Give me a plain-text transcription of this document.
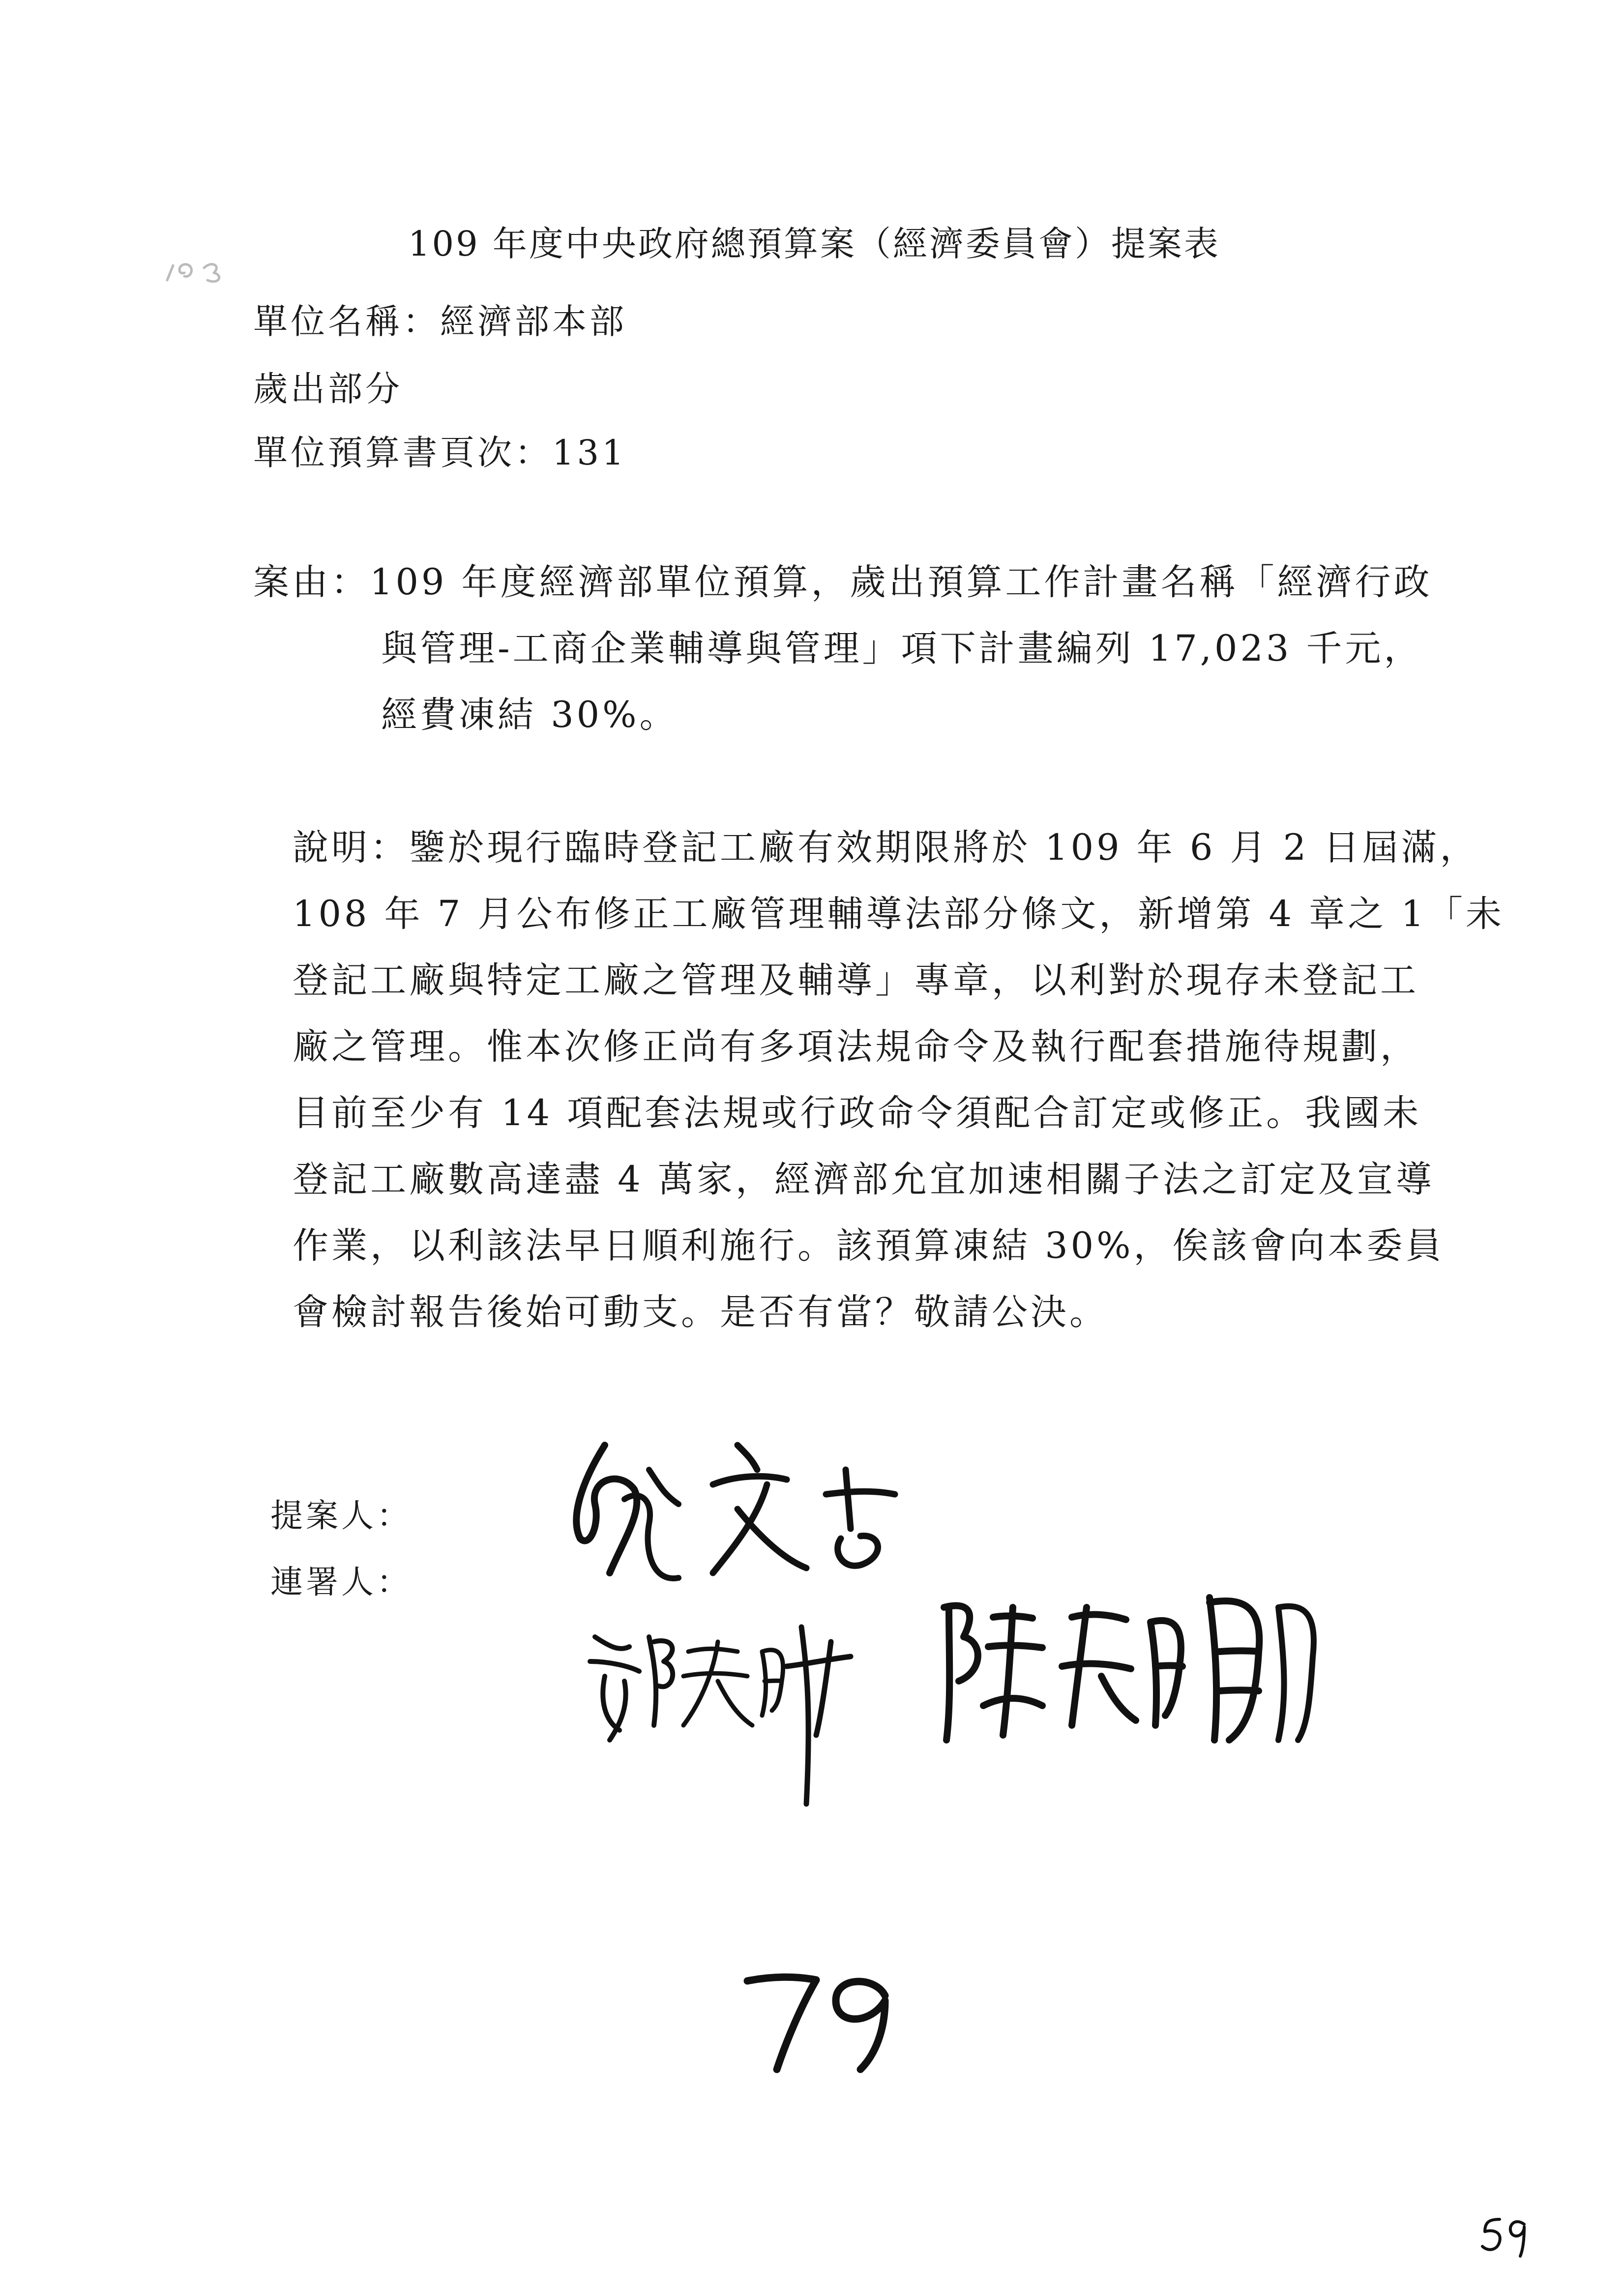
109 年度中央政府總預算案（經濟委員會）提案表
單位名稱：經濟部本部
歲出部分
單位預算書頁次：131
案由：109 年度經濟部單位預算，歲出預算工作計畫名稱「經濟行政
與管理-工商企業輔導與管理」項下計畫編列 17,023 千元，
經費凍結 30%。
說明：鑒於現行臨時登記工廠有效期限將於 109 年 6 月 2 日屆滿，
108 年 7 月公布修正工廠管理輔導法部分條文，新增第 4 章之 1「未
登記工廠與特定工廠之管理及輔導」專章，以利對於現存未登記工
廠之管理。惟本次修正尚有多項法規命令及執行配套措施待規劃，
目前至少有 14 項配套法規或行政命令須配合訂定或修正。我國未
登記工廠數高達盡 4 萬家，經濟部允宜加速相關子法之訂定及宣導
作業，以利該法早日順利施行。該預算凍結 30%，俟該會向本委員
會檢討報告後始可動支。是否有當？敬請公決。
提案人：
連署人：
